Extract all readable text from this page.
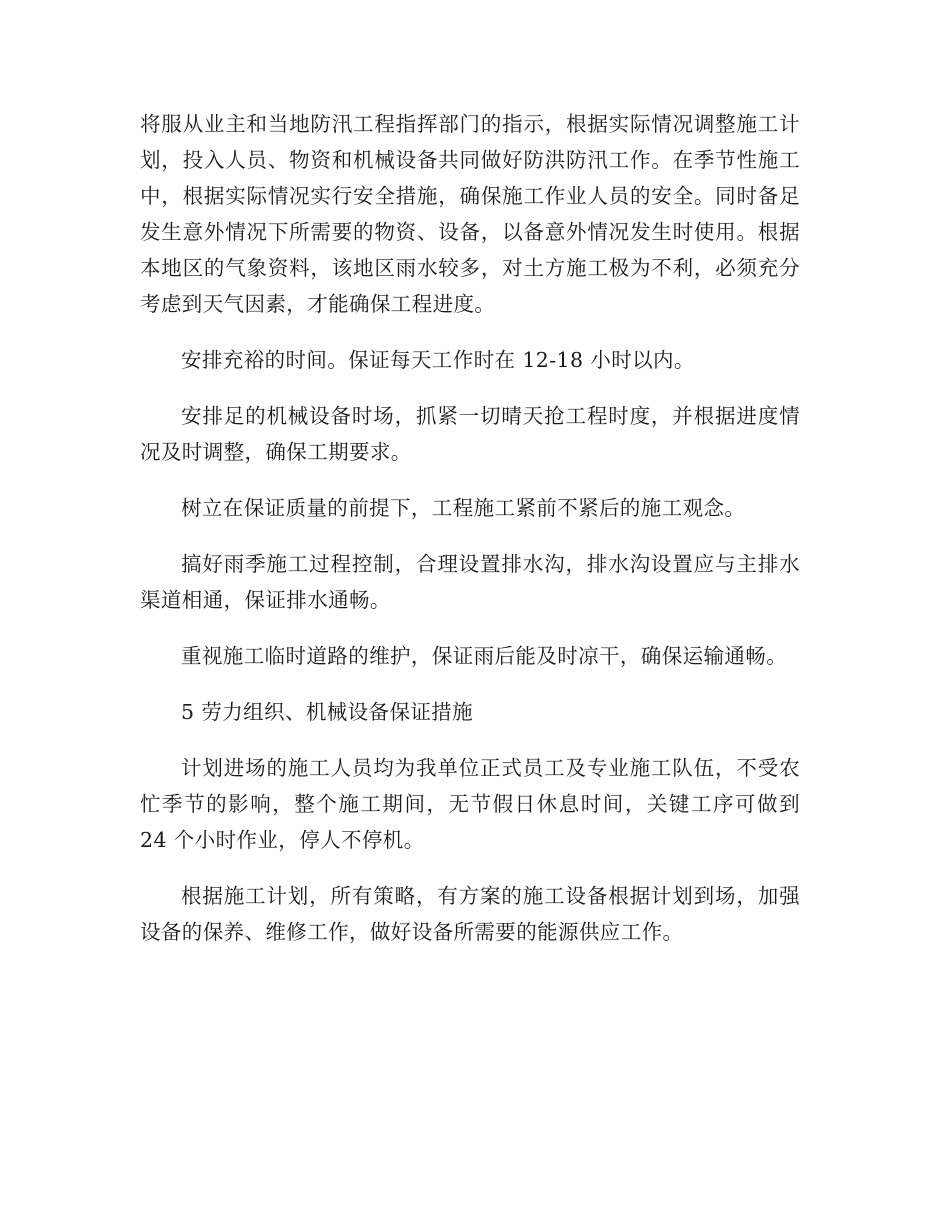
将服从业主和当地防汛工程指挥部门的指示，根据实际情况调整施工计划，投入人员、物资和机械设备共同做好防洪防汛工作。在季节性施工中，根据实际情况实行安全措施，确保施工作业人员的安全。同时备足发生意外情况下所需要的物资、设备，以备意外情况发生时使用。根据本地区的气象资料，该地区雨水较多，对土方施工极为不利，必须充分考虑到天气因素，才能确保工程进度。

安排充裕的时间。保证每天工作时在 12-18 小时以内。

安排足的机械设备时场，抓紧一切晴天抢工程时度，并根据进度情况及时调整，确保工期要求。

树立在保证质量的前提下，工程施工紧前不紧后的施工观念。

搞好雨季施工过程控制，合理设置排水沟，排水沟设置应与主排水渠道相通，保证排水通畅。

重视施工临时道路的维护，保证雨后能及时凉干，确保运输通畅。

5 劳力组织、机械设备保证措施

计划进场的施工人员均为我单位正式员工及专业施工队伍，不受农忙季节的影响，整个施工期间，无节假日休息时间，关键工序可做到 24 个小时作业，停人不停机。

根据施工计划，所有策略，有方案的施工设备根据计划到场，加强设备的保养、维修工作，做好设备所需要的能源供应工作。
